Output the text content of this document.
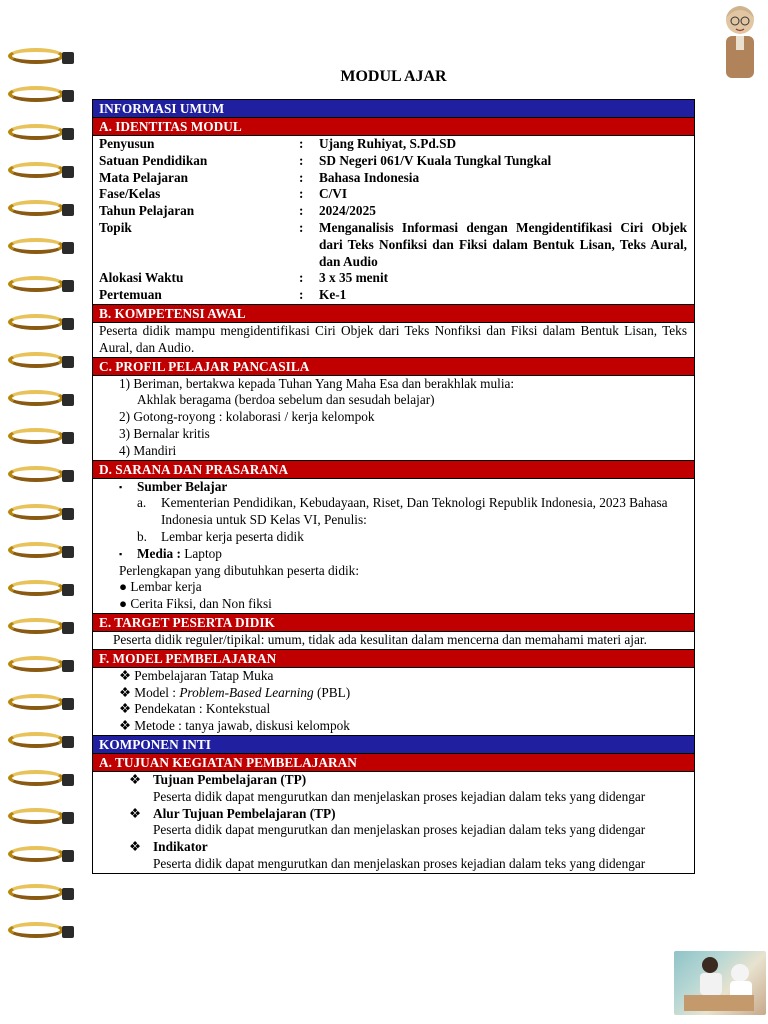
MODUL AJAR
INFORMASI UMUM
A. IDENTITAS MODUL
Penyusun	:	Ujang Ruhiyat, S.Pd.SD
Satuan Pendidikan	:	SD Negeri 061/V Kuala Tungkal Tungkal
Mata Pelajaran	:	Bahasa Indonesia
Fase/Kelas	:	C/VI
Tahun Pelajaran	:	2024/2025
Topik	:	Menganalisis Informasi dengan Mengidentifikasi Ciri Objek dari Teks Nonfiksi dan Fiksi dalam Bentuk Lisan, Teks Aural, dan Audio
Alokasi Waktu	:	3 x 35 menit
Pertemuan	:	Ke-1
B. KOMPETENSI AWAL
Peserta didik mampu mengidentifikasi Ciri Objek dari Teks Nonfiksi dan Fiksi dalam Bentuk Lisan, Teks Aural, dan Audio.
C. PROFIL PELAJAR PANCASILA
1) Beriman, bertakwa kepada Tuhan Yang Maha Esa dan berakhlak mulia:
Akhlak beragama (berdoa sebelum dan sesudah belajar)
2) Gotong-royong : kolaborasi / kerja kelompok
3) Bernalar kritis
4) Mandiri
D. SARANA DAN PRASARANA
▪	Sumber Belajar
a.	Kementerian Pendidikan, Kebudayaan, Riset, Dan Teknologi Republik Indonesia, 2023 Bahasa Indonesia untuk SD Kelas VI, Penulis:
b.	Lembar kerja peserta didik
▪	Media : Laptop
Perlengkapan yang dibutuhkan peserta didik:
● Lembar kerja
● Cerita Fiksi, dan Non fiksi
E. TARGET PESERTA DIDIK
Peserta didik reguler/tipikal: umum, tidak ada kesulitan dalam mencerna dan memahami materi ajar.
F. MODEL PEMBELAJARAN
❖ Pembelajaran Tatap Muka
❖ Model : Problem-Based Learning (PBL)
❖ Pendekatan : Kontekstual
❖ Metode : tanya jawab, diskusi kelompok
KOMPONEN INTI
A. TUJUAN KEGIATAN PEMBELAJARAN
❖ Tujuan Pembelajaran (TP)
Peserta didik dapat mengurutkan dan menjelaskan proses kejadian dalam teks yang didengar
❖ Alur Tujuan Pembelajaran (TP)
Peserta didik dapat mengurutkan dan menjelaskan proses kejadian dalam teks yang didengar
❖ Indikator
Peserta didik dapat mengurutkan dan menjelaskan proses kejadian dalam teks yang didengar
